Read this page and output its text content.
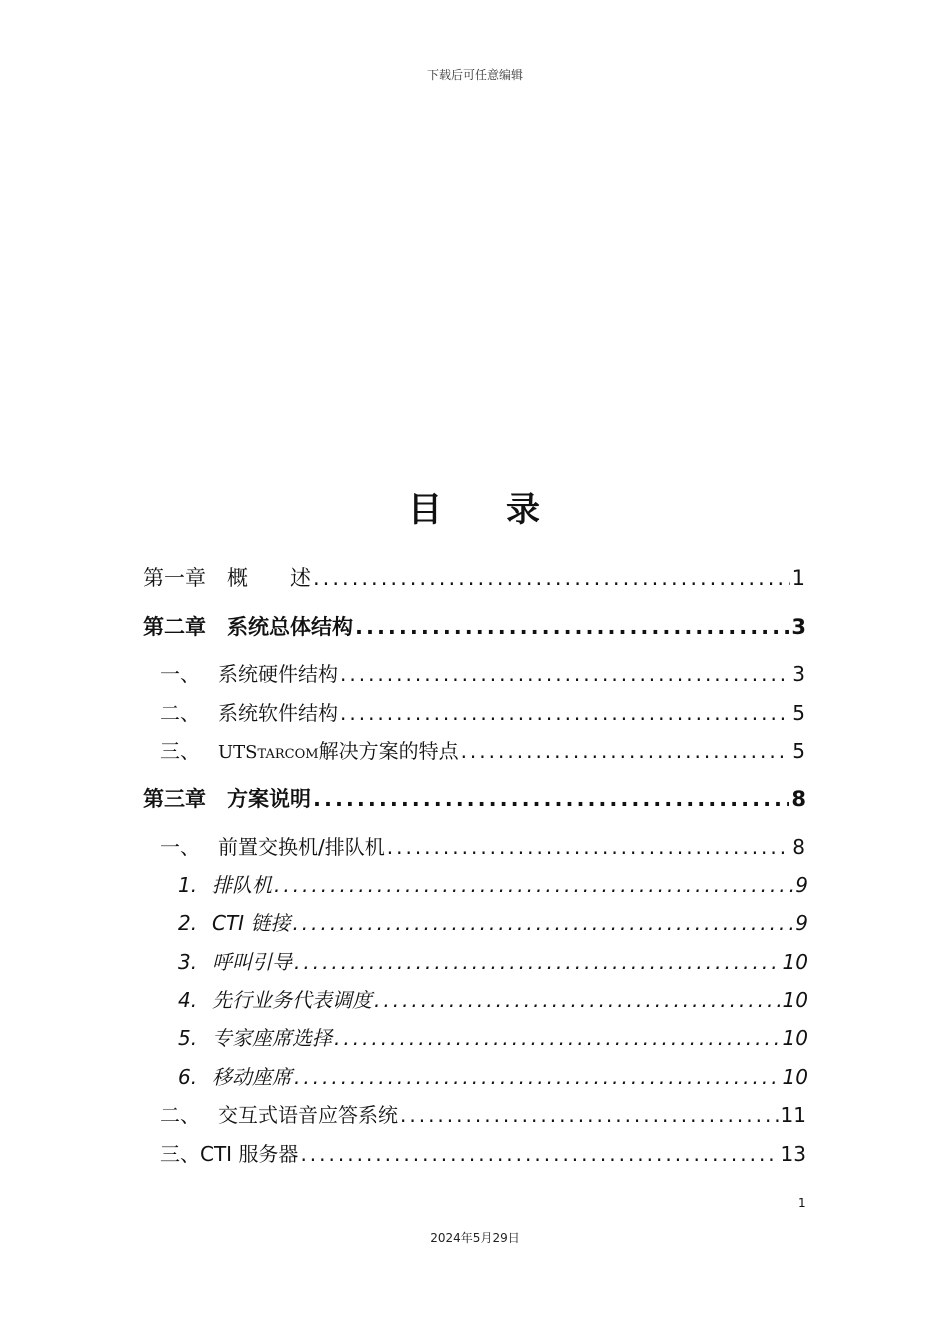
下载后可任意编辑
目 录
第一章　概　　述 .....	1
第二章　系统总体结构 .....	3
一、 系统硬件结构 .....	3
二、 系统软件结构 .....	5
三、 UTSTARCOM解决方案的特点 .....	5
第三章　方案说明 .....	8
一、 前置交换机/排队机 .....	8
1. 排队机 .....	9
2. CTI 链接 .....	9
3. 呼叫引导 .....	10
4. 先行业务代表调度 .....	10
5. 专家座席选择 .....	10
6. 移动座席 .....	10
二、 交互式语音应答系统 .....	11
三、CTI 服务器 .....	13
1
2024年5月29日
